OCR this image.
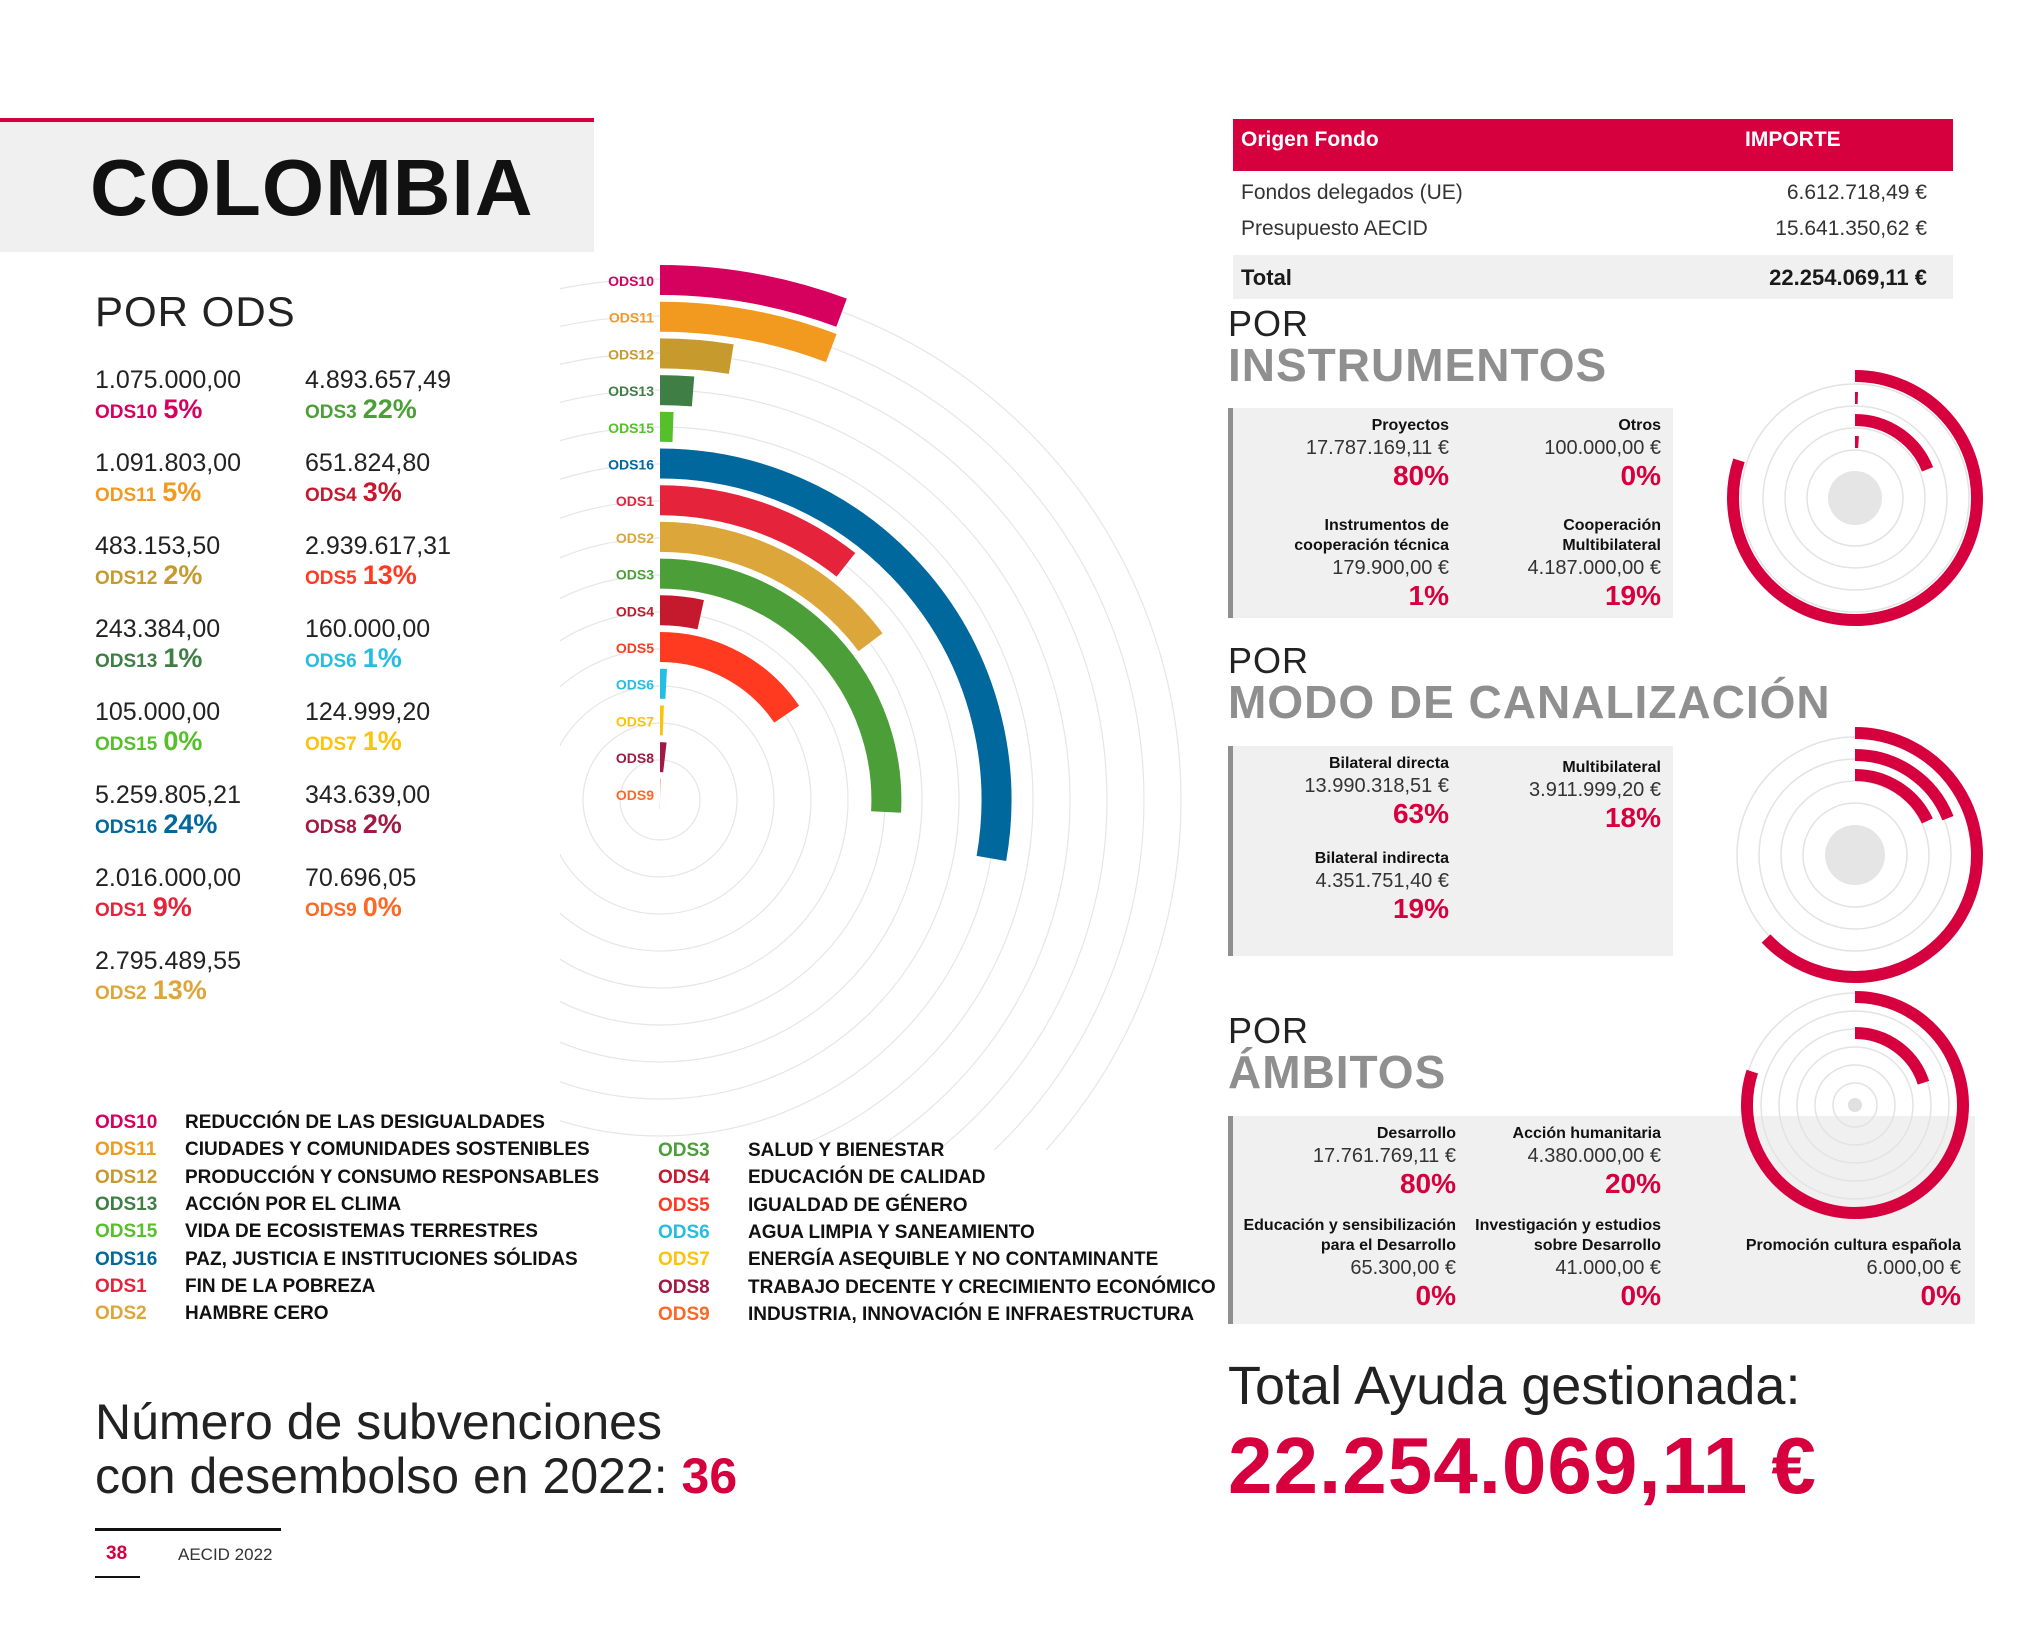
COLOMBIA
POR ODS
1.075.000,00
ODS10 5%
1.091.803,00
ODS11 5%
483.153,50
ODS12 2%
243.384,00
ODS13 1%
105.000,00
ODS15 0%
5.259.805,21
ODS16 24%
2.016.000,00
ODS1 9%
2.795.489,55
ODS2 13%
4.893.657,49
ODS3 22%
651.824,80
ODS4 3%
2.939.617,31
ODS5 13%
160.000,00
ODS6 1%
124.999,20
ODS7 1%
343.639,00
ODS8 2%
70.696,05
ODS9 0%
ODS10
ODS11
ODS12
ODS13
ODS15
ODS16
ODS1
ODS2
ODS3
ODS4
ODS5
ODS6
ODS7
ODS8
ODS9
ODS10 REDUCCIÓN DE LAS DESIGUALDADES
ODS11 CIUDADES Y COMUNIDADES SOSTENIBLES
ODS12 PRODUCCIÓN Y CONSUMO RESPONSABLES
ODS13 ACCIÓN POR EL CLIMA
ODS15 VIDA DE ECOSISTEMAS TERRESTRES
ODS16 PAZ, JUSTICIA E INSTITUCIONES SÓLIDAS
ODS1 FIN DE LA POBREZA
ODS2 HAMBRE CERO
ODS3 SALUD Y BIENESTAR
ODS4 EDUCACIÓN DE CALIDAD
ODS5 IGUALDAD DE GÉNERO
ODS6 AGUA LIMPIA Y SANEAMIENTO
ODS7 ENERGÍA ASEQUIBLE Y NO CONTAMINANTE
ODS8 TRABAJO DECENTE Y CRECIMIENTO ECONÓMICO
ODS9 INDUSTRIA, INNOVACIÓN E INFRAESTRUCTURA
Número de subvenciones
con desembolso en 2022: 36
38	AECID 2022
Origen Fondo	IMPORTE
Fondos delegados (UE)	6.612.718,49 €
Presupuesto AECID	15.641.350,62 €
Total	22.254.069,11 €
POR
INSTRUMENTOS
Proyectos
17.787.169,11 €
80%
Otros
100.000,00 €
0%
Instrumentos de
cooperación técnica
179.900,00 €
1%
Cooperación
Multibilateral
4.187.000,00 €
19%
POR
MODO DE CANALIZACIÓN
Bilateral directa
13.990.318,51 €
63%
Multibilateral
3.911.999,20 €
18%
Bilateral indirecta
4.351.751,40 €
19%
POR
ÁMBITOS
Desarrollo
17.761.769,11 €
80%
Acción humanitaria
4.380.000,00 €
20%
Educación y sensibilización
para el Desarrollo
65.300,00 €
0%
Investigación y estudios
sobre Desarrollo
41.000,00 €
0%
Promoción cultura española
6.000,00 €
0%
Total Ayuda gestionada:
22.254.069,11 €
